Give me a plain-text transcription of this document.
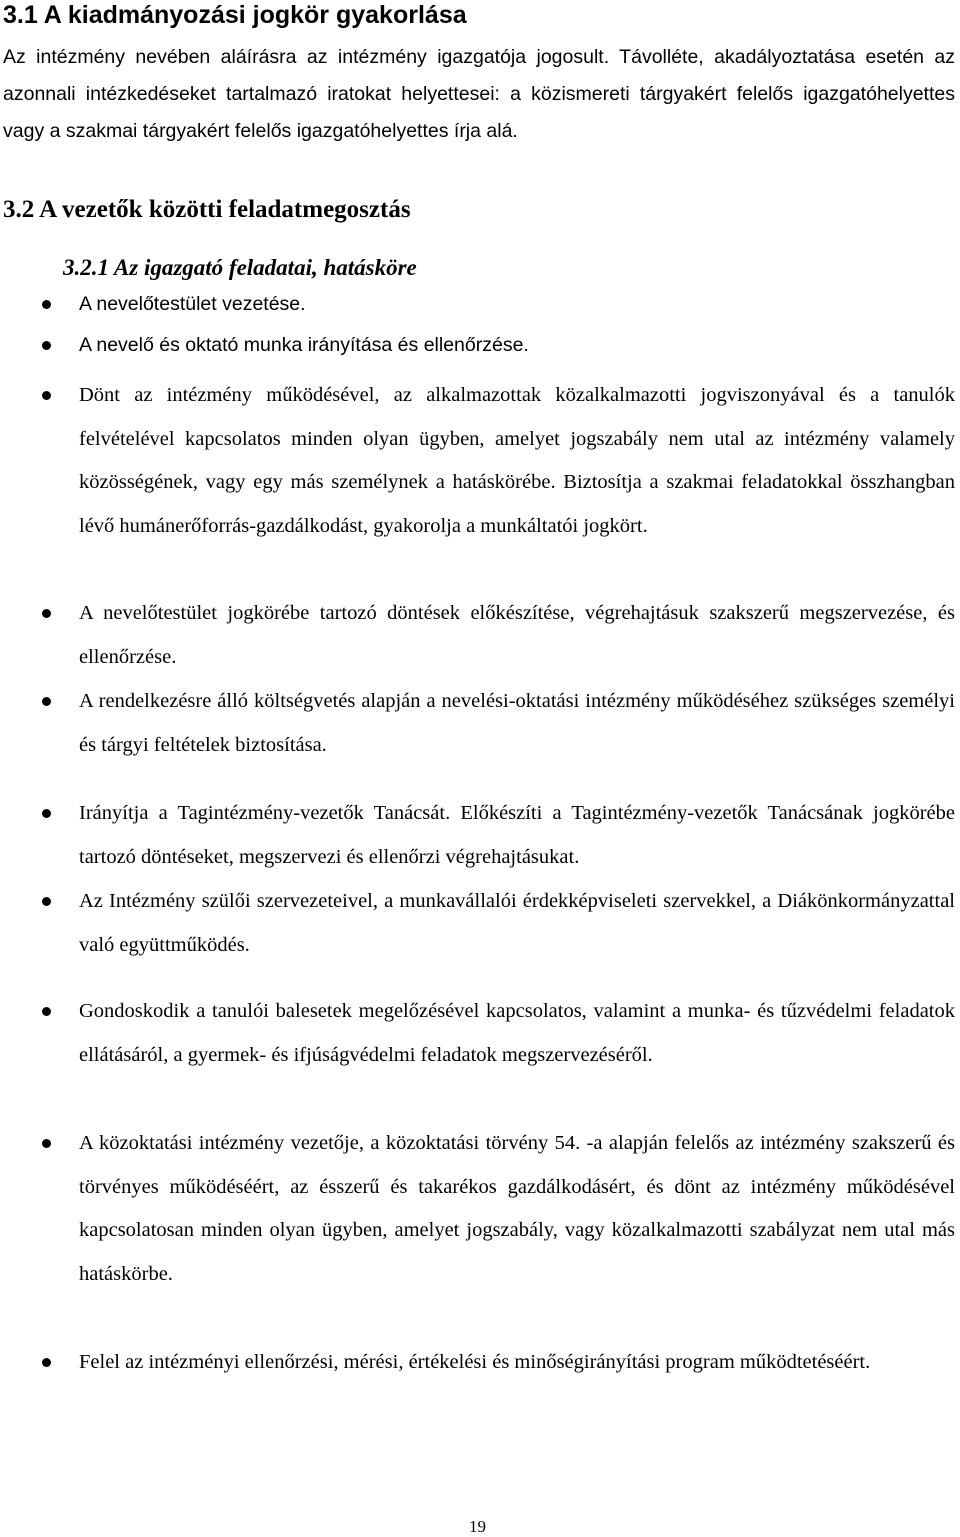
3.1 A kiadmányozási jogkör gyakorlása
Az intézmény nevében aláírásra az intézmény igazgatója jogosult. Távolléte, akadályoztatása esetén az azonnali intézkedéseket tartalmazó iratokat helyettesei: a közismereti tárgyakért felelős igazgatóhelyettes vagy a szakmai tárgyakért felelős igazgatóhelyettes írja alá.
3.2 A vezetők közötti feladatmegosztás
3.2.1 Az igazgató feladatai, hatásköre
A nevelőtestület vezetése.
A nevelő és oktató munka irányítása és ellenőrzése.
Dönt az intézmény működésével, az alkalmazottak közalkalmazotti jogviszonyával és a tanulók felvételével kapcsolatos minden olyan ügyben, amelyet jogszabály nem utal az intézmény valamely közösségének, vagy egy más személynek a hatáskörébe. Biztosítja a szakmai feladatokkal összhangban lévő humánerőforrás-gazdálkodást, gyakorolja a munkáltatói jogkört.
A nevelőtestület jogkörébe tartozó döntések előkészítése, végrehajtásuk szakszerű megszervezése, és ellenőrzése.
A rendelkezésre álló költségvetés alapján a nevelési-oktatási intézmény működéséhez szükséges személyi és tárgyi feltételek biztosítása.
Irányítja a Tagintézmény-vezetők Tanácsát. Előkészíti a Tagintézmény-vezetők Tanácsának jogkörébe tartozó döntéseket, megszervezi és ellenőrzi végrehajtásukat.
Az Intézmény szülői szervezeteivel, a munkavállalói érdekképviseleti szervekkel, a Diákönkormányzattal való együttműködés.
Gondoskodik a tanulói balesetek megelőzésével kapcsolatos, valamint a munka- és tűzvédelmi feladatok ellátásáról, a gyermek- és ifjúságvédelmi feladatok megszervezéséről.
A közoktatási intézmény vezetője, a közoktatási törvény 54. -a alapján felelős az intézmény szakszerű és törvényes működéséért, az ésszerű és takarékos gazdálkodásért, és dönt az intézmény működésével kapcsolatosan minden olyan ügyben, amelyet jogszabály, vagy közalkalmazotti szabályzat nem utal más hatáskörbe.
Felel az intézményi ellenőrzési, mérési, értékelési és minőségirányítási program működtetéséért.
19
